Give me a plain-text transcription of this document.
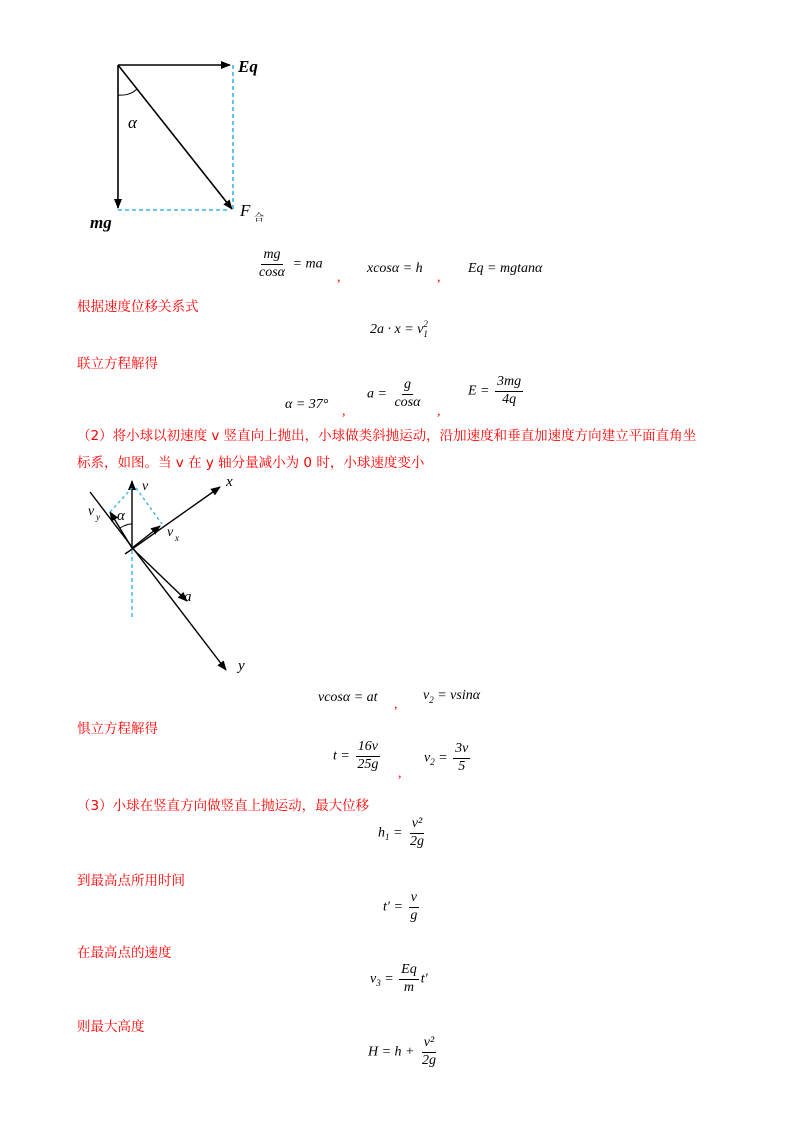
Eq
α
mg
F 合
$\frac{mg}{\cos\alpha}$ = ma
,
xcosα = h
,
Eq = mgtanα
根据速度位移关系式
2a · x = v 2
1
联立方程解得
α = 37° ,
$a = \frac{g}{\cos\alpha}$
,
$E = \frac{3mg}{4q}$
（2）将小球以初速度 v 竖直向上抛出，小球做类斜抛运动，沿加速度和垂直加速度方向建立平面直角坐
标系，如图。当 v 在 y 轴分量减小为 0 时，小球速度变小
x
v
v y α
v x
a
y
vcosα = at ,
$v_2 = vsin\alpha$
惧立方程解得
$t = \frac{16v}{25g}$
,
$v_2 = \frac{3v}{5}$
（3）小球在竖直方向做竖直上抛运动，最大位移
$h_1 = \frac{\text{v²}}{2g}$
到最高点所用时间
$t' = \frac{v}{g}$
在最高点的速度
$v_3 = \frac{Eq}{m} t'$
则最大高度
$H = h + \frac{\text{v²}}{2g}$
